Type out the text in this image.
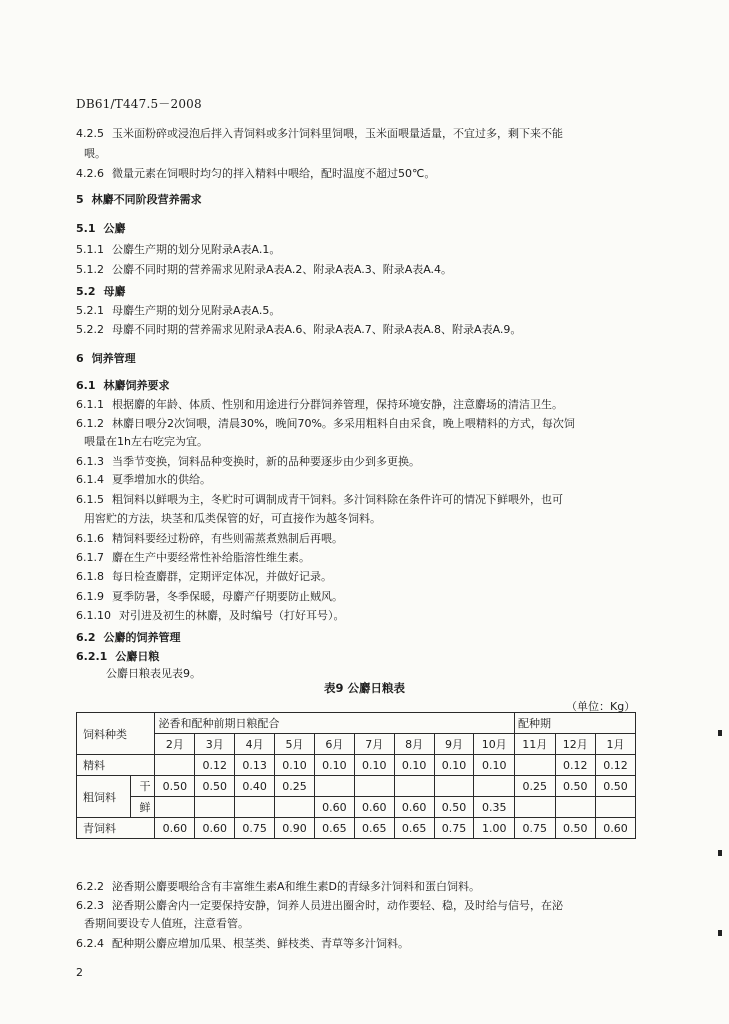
DB61/T447.5－2008
4.2.5 玉米面粉碎或浸泡后拌入青饲料或多汁饲料里饲喂，玉米面喂量适量，不宜过多，剩下来不能
喂。
4.2.6 微量元素在饲喂时均匀的拌入精料中喂给，配时温度不超过50℃。
5 林麝不同阶段营养需求
5.1 公麝
5.1.1 公麝生产期的划分见附录A表A.1。
5.1.2 公麝不同时期的营养需求见附录A表A.2、附录A表A.3、附录A表A.4。
5.2 母麝
5.2.1 母麝生产期的划分见附录A表A.5。
5.2.2 母麝不同时期的营养需求见附录A表A.6、附录A表A.7、附录A表A.8、附录A表A.9。
6 饲养管理
6.1 林麝饲养要求
6.1.1 根据麝的年龄、体质、性别和用途进行分群饲养管理，保持环境安静，注意麝场的清洁卫生。
6.1.2 林麝日喂分2次饲喂，清晨30%，晚间70%。多采用粗料自由采食，晚上喂精料的方式，每次饲
喂量在1h左右吃完为宜。
6.1.3 当季节变换，饲料品种变换时，新的品种要逐步由少到多更换。
6.1.4 夏季增加水的供给。
6.1.5 粗饲料以鲜喂为主，冬贮时可调制成青干饲料。多汁饲料除在条件许可的情况下鲜喂外，也可
用窖贮的方法，块茎和瓜类保管的好，可直接作为越冬饲料。
6.1.6 精饲料要经过粉碎，有些则需蒸煮熟制后再喂。
6.1.7 麝在生产中要经常性补给脂溶性维生素。
6.1.8 每日检查麝群，定期评定体况，并做好记录。
6.1.9 夏季防暑，冬季保暖，母麝产仔期要防止贼风。
6.1.10 对引进及初生的林麝，及时编号（打好耳号）。
6.2 公麝的饲养管理
6.2.1 公麝日粮
公麝日粮表见表9。
表9 公麝日粮表
（单位：Kg）
饲料种类		泌香和配种前期日粮配合									配种期		
		2月	3月	4月	5月	6月	7月	8月	9月	10月	11月	12月	1月
精料			0.12	0.13	0.10	0.10	0.10	0.10	0.10	0.10		0.12	0.12
粗饲料	干	0.50	0.50	0.40	0.25						0.25	0.50	0.50
	鲜					0.60	0.60	0.60	0.50	0.35			
青饲料		0.60	0.60	0.75	0.90	0.65	0.65	0.65	0.75	1.00	0.75	0.50	0.60
6.2.2 泌香期公麝要喂给含有丰富维生素A和维生素D的青绿多汁饲料和蛋白饲料。
6.2.3 泌香期公麝舍内一定要保持安静，饲养人员进出圈舍时，动作要轻、稳，及时给与信号，在泌
香期间要设专人值班，注意看管。
6.2.4 配种期公麝应增加瓜果、根茎类、鲜枝类、青草等多汁饲料。
2
